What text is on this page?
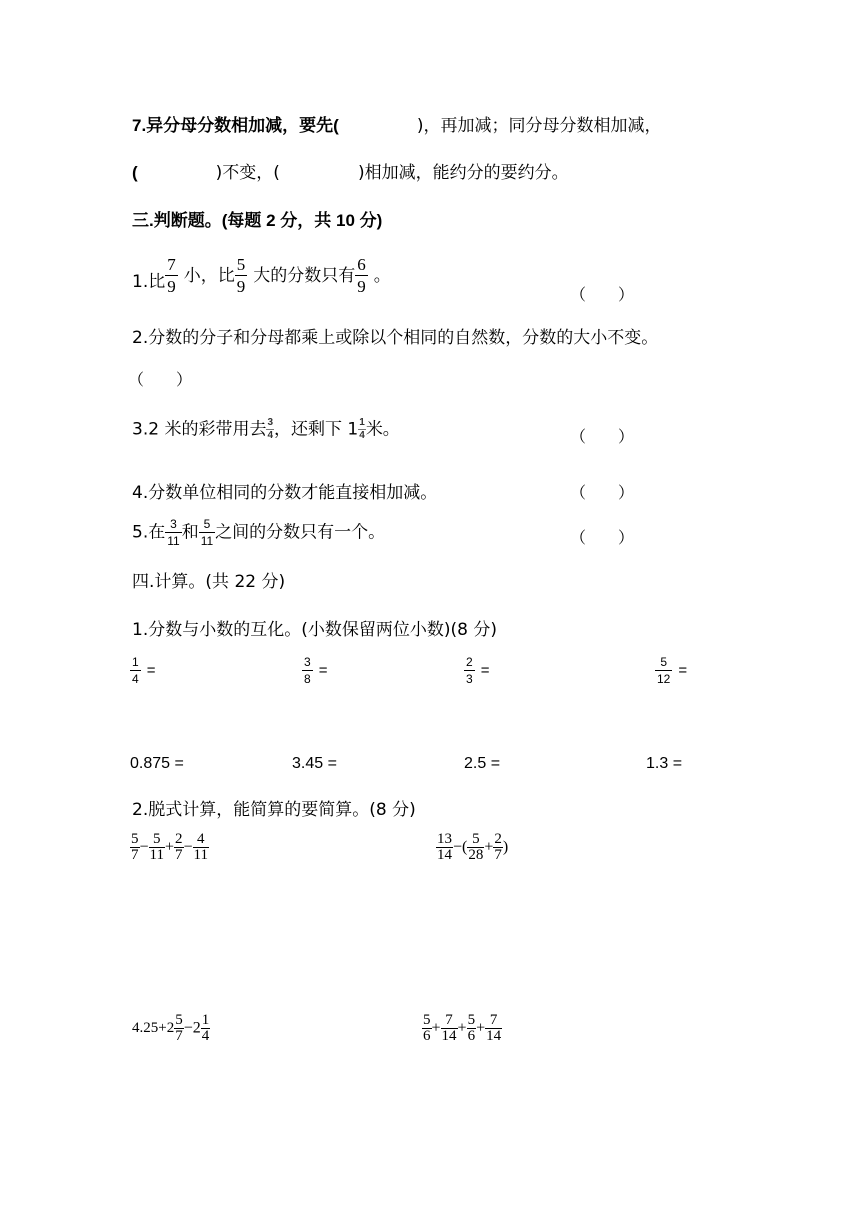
7.异分母分数相加减，要先(	)，再加减；同分母分数相加减，
(	)不变，(	)相加减，能约分的要约分。
三.判断题。(每题 2 分，共 10 分)
1.比 $\frac{7}{9}$ 小，比 $\frac{5}{9}$ 大的分数只有 $\frac{6}{9}$ 。
（　　）
2.分数的分子和分母都乘上或除以个相同的自然数，分数的大小不变。
（　　）
3.2 米的彩带用去 $\frac{3}{4}$ ，还剩下 $1 \frac{1}{4}$ 米。	（　　）
4.分数单位相同的分数才能直接相加减。	（　　）
5.在 $\frac{3}{11}$ 和 $\frac{5}{11}$ 之间的分数只有一个。	（　　）
四.计算。(共 22 分)
1.分数与小数的互化。(小数保留两位小数)(8 分)
$\frac{1}{4}$ =	$\frac{3}{8}$ =	$\frac{2}{3}$ =	$\frac{5}{12}$ =
0.875 =	3.45 =	2.5 =	1.3 =
2.脱式计算，能简算的要简算。(8 分)
$\frac{5}{7} - \frac{5}{11} + \frac{2}{7} - \frac{4}{11}$	$\frac{13}{14}$ −( $\frac{5}{28} + \frac{2}{7}$ )
$4.25+2 \frac{5}{7} -2 \frac{1}{4}$	$\frac{5}{6} + \frac{7}{14} + \frac{5}{6} + \frac{7}{14}$
